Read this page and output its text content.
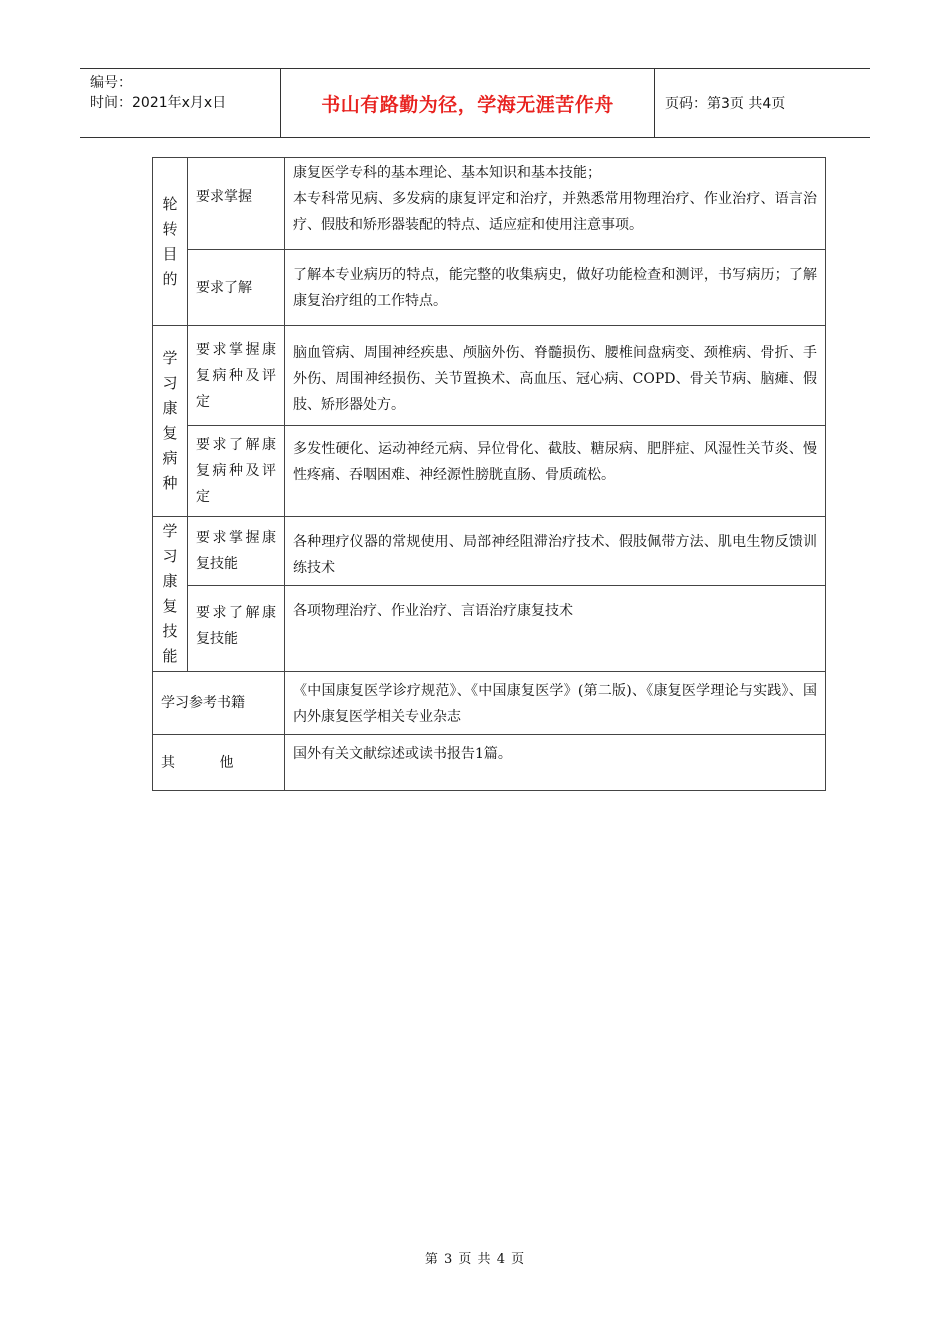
编号：
时间：2021年x月x日	书山有路勤为径，学海无涯苦作舟	页码：第3页 共4页
轮转目的	要求掌握	康复医学专科的基本理论、基本知识和基本技能；
本专科常见病、多发病的康复评定和治疗，并熟悉常用物理治疗、作业治疗、语言治疗、假肢和矫形器装配的特点、适应症和使用注意事项。

	要求了解	了解本专业病历的特点，能完整的收集病史，做好功能检查和测评，书写病历；了解康复治疗组的工作特点。
学习康复病种	要求掌握康复病种及评定	脑血管病、周围神经疾患、颅脑外伤、脊髓损伤、腰椎间盘病变、颈椎病、骨折、手外伤、周围神经损伤、关节置换术、高血压、冠心病、COPD、骨关节病、脑瘫、假肢、矫形器处方。
	要求了解康复病种及评定	多发性硬化、运动神经元病、异位骨化、截肢、糖尿病、肥胖症、风湿性关节炎、慢性疼痛、吞咽困难、神经源性膀胱直肠、骨质疏松。
学习康复技能	要求掌握康复技能	各种理疗仪器的常规使用、局部神经阻滞治疗技术、假肢佩带方法、肌电生物反馈训练技术
	要求了解康复技能	各项物理治疗、作业治疗、言语治疗康复技术
学习参考书籍		《中国康复医学诊疗规范》、《中国康复医学》(第二版)、《康复医学理论与实践》、国内外康复医学相关专业杂志
其          他		国外有关文献综述或读书报告1篇。
第 3 页 共 4 页
